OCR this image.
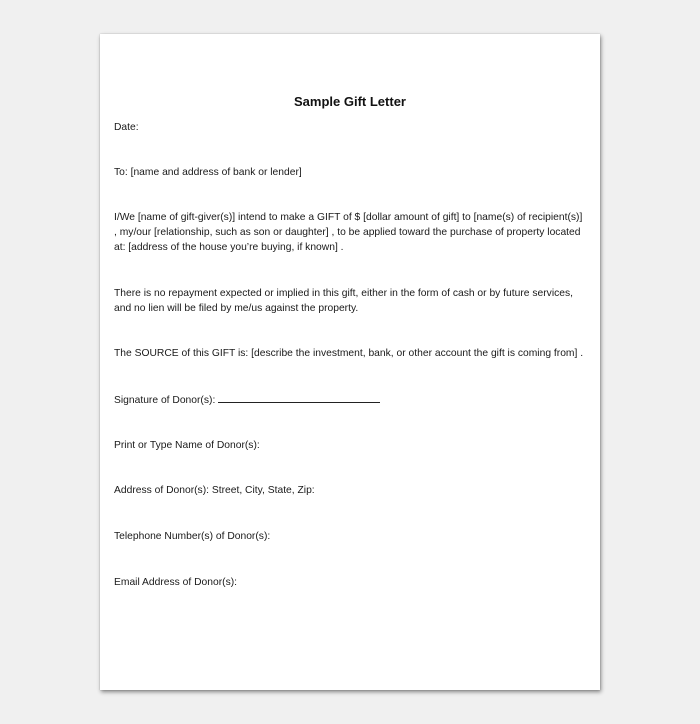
Sample Gift Letter

Date:

To: [name and address of bank or lender]

I/We [name of gift-giver(s)] intend to make a GIFT of $ [dollar amount of gift] to [name(s) of recipient(s)]

, my/our [relationship, such as son or daughter] , to be applied toward the purchase of property located

at: [address of the house you’re buying, if known] .

There is no repayment expected or implied in this gift, either in the form of cash or by future services,

and no lien will be filed by me/us against the property.

The SOURCE of this GIFT is: [describe the investment, bank, or other account the gift is coming from] .

Signature of Donor(s):

Print or Type Name of Donor(s):

Address of Donor(s): Street, City, State, Zip:

Telephone Number(s) of Donor(s):

Email Address of Donor(s):
